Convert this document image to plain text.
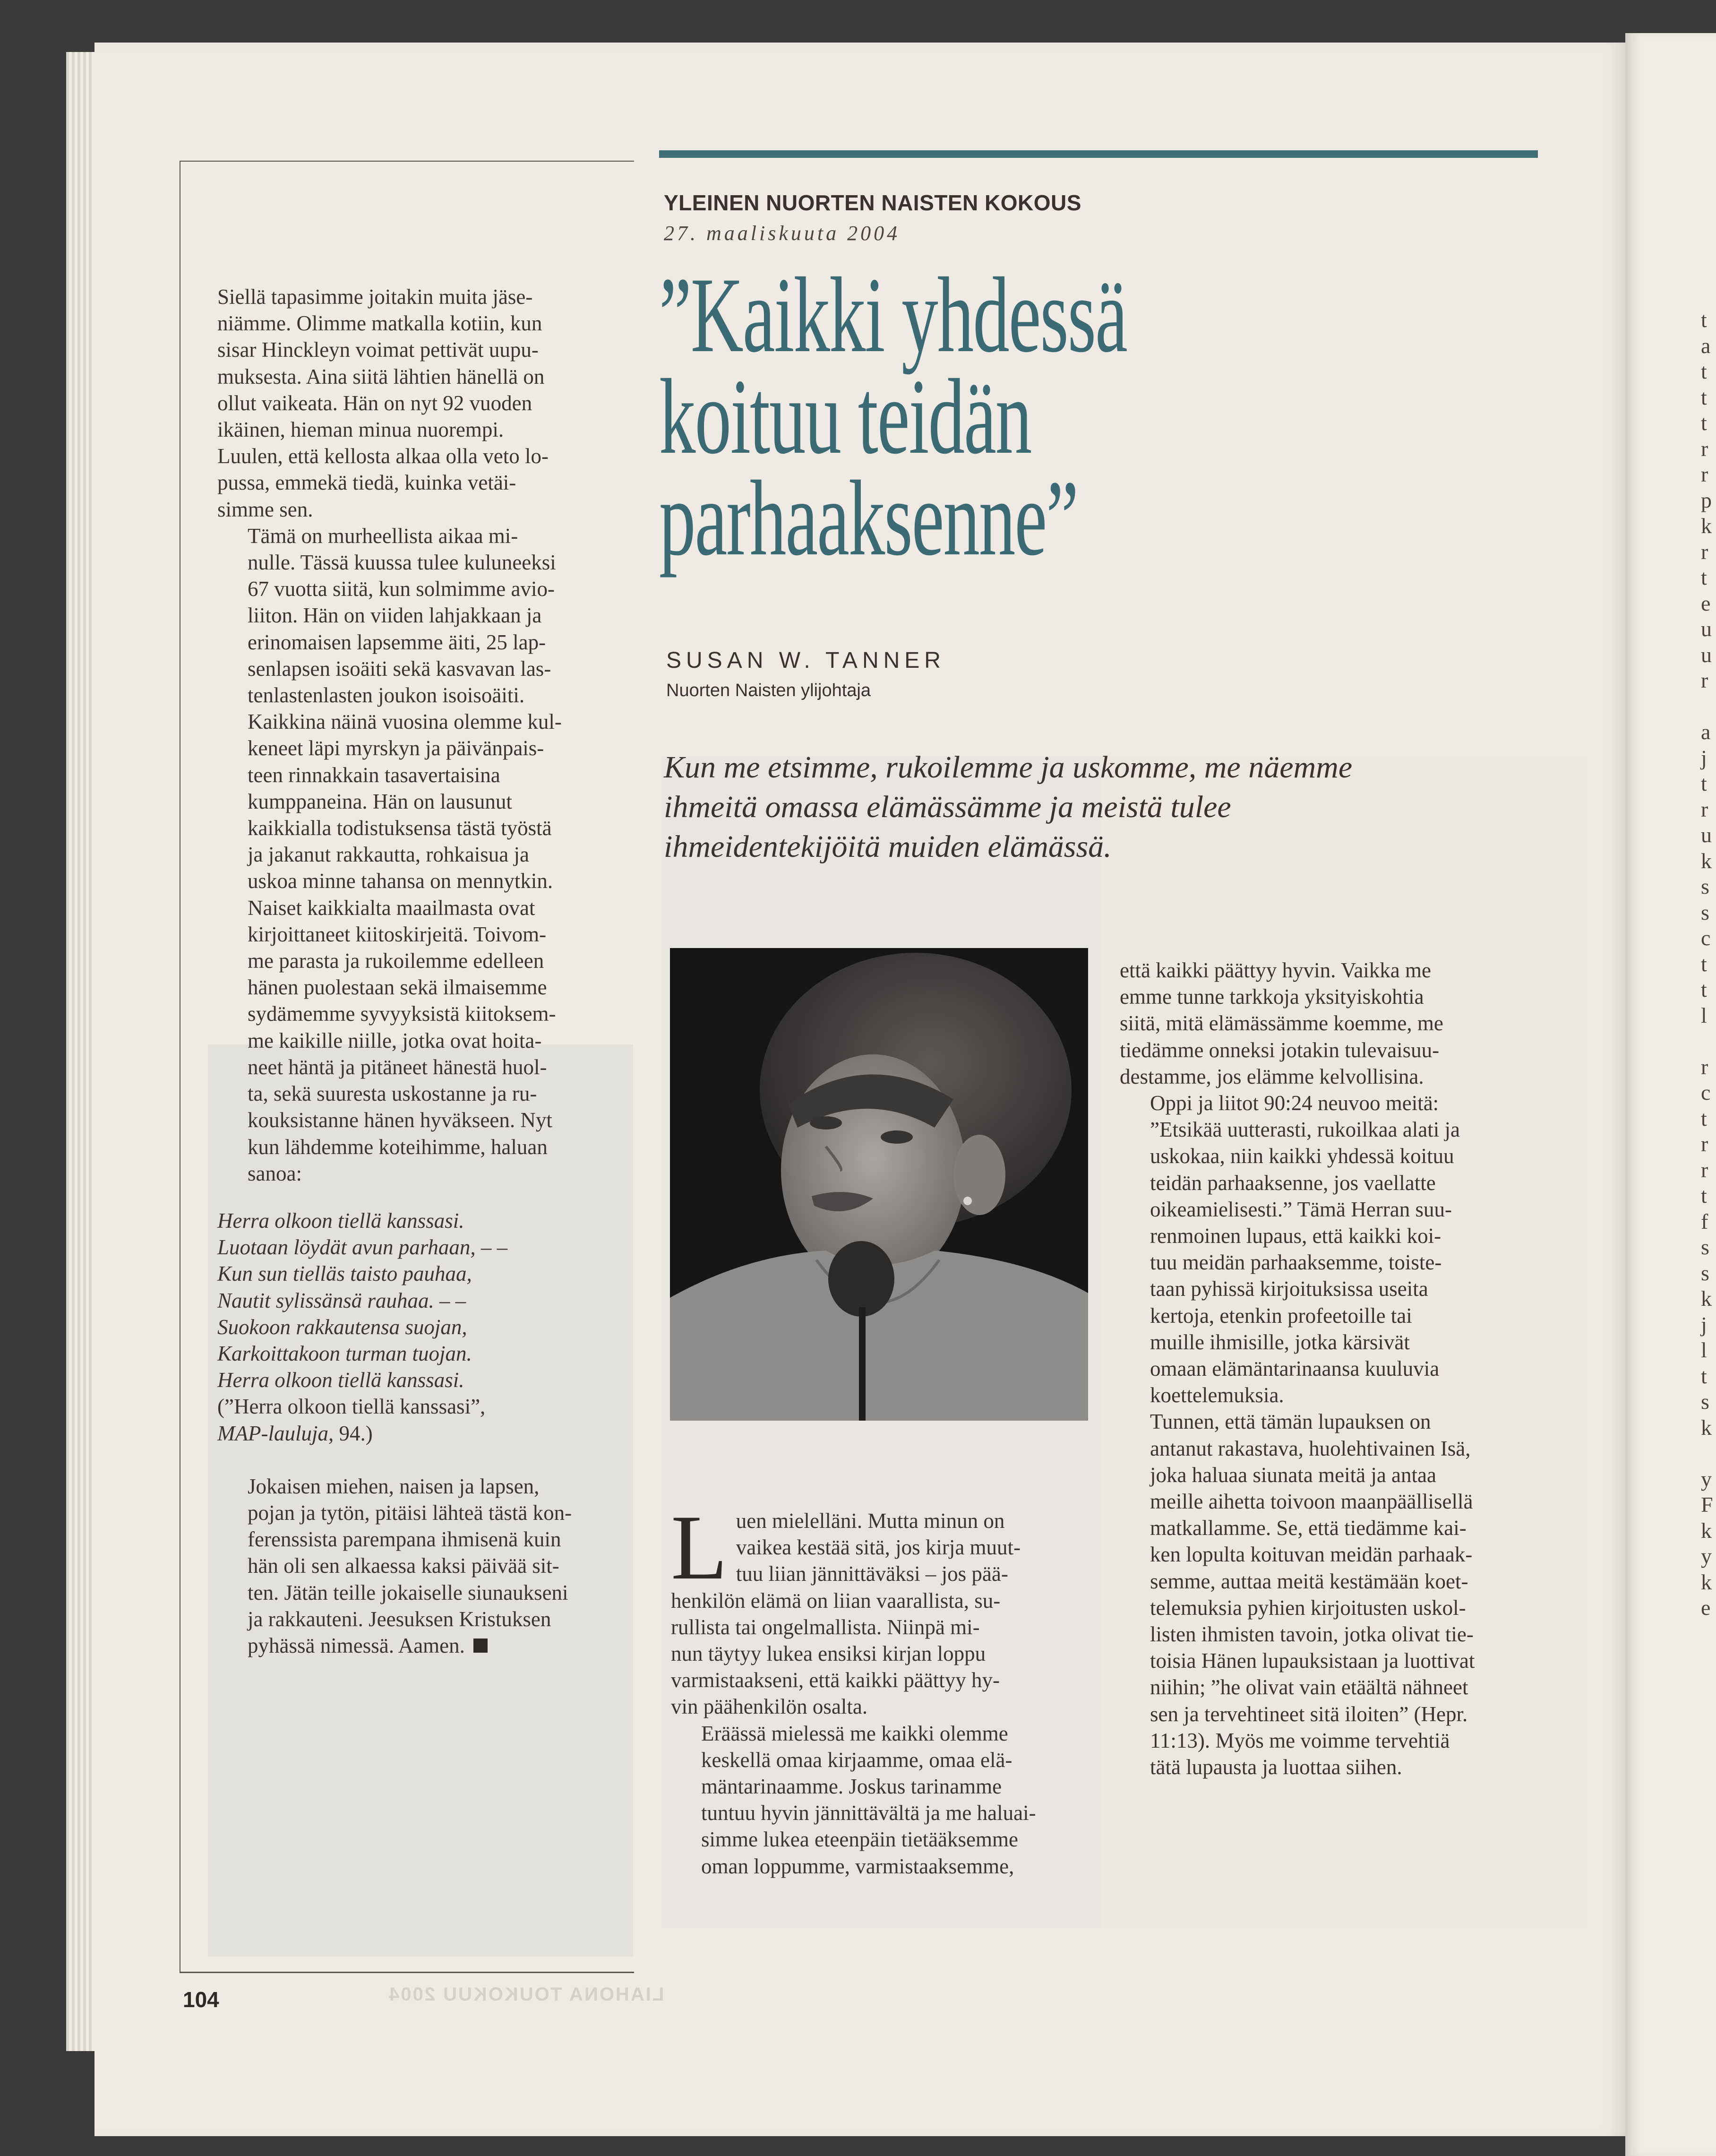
t
a
t
t
t
r
r
p
k
r
t
e
u
u
r

a
j
t
r
u
k
s
s
c
t
t
l

r
c
t
r
r
t
f
s
s
k
j
l
t
s
k

y
F
k
y
k
e
YLEINEN NUORTEN NAISTEN KOKOUS
27. maaliskuuta 2004
”Kaikki yhdessä
koituu teidän
parhaaksenne”
SUSAN W. TANNER
Nuorten Naisten ylijohtaja
Kun me etsimme, rukoilemme ja uskomme, me näemme
ihmeitä omassa elämässämme ja meistä tulee
ihmeidentekijöitä muiden elämässä.

Siellä tapasimme joitakin muita jäse-
niämme. Olimme matkalla kotiin, kun
sisar Hinckleyn voimat pettivät uupu-
muksesta. Aina siitä lähtien hänellä on
ollut vaikeata. Hän on nyt 92 vuoden
ikäinen, hieman minua nuorempi.
Luulen, että kellosta alkaa olla veto lo-
pussa, emmekä tiedä, kuinka vetäi-
simme sen.

Tämä on murheellista aikaa mi-
nulle. Tässä kuussa tulee kuluneeksi
67 vuotta siitä, kun solmimme avio-
liiton. Hän on viiden lahjakkaan ja
erinomaisen lapsemme äiti, 25 lap-
senlapsen isoäiti sekä kasvavan las-
tenlastenlasten joukon isoisoäiti.
Kaikkina näinä vuosina olemme kul-
keneet läpi myrskyn ja päivänpais-
teen rinnakkain tasavertaisina
kumppaneina. Hän on lausunut
kaikkialla todistuksensa tästä työstä
ja jakanut rakkautta, rohkaisua ja
uskoa minne tahansa on mennytkin.
Naiset kaikkialta maailmasta ovat
kirjoittaneet kiitoskirjeitä. Toivom-
me parasta ja rukoilemme edelleen
hänen puolestaan sekä ilmaisemme
sydämemme syvyyksistä kiitoksem-
me kaikille niille, jotka ovat hoita-
neet häntä ja pitäneet hänestä huol-
ta, sekä suuresta uskostanne ja ru-
kouksistanne hänen hyväkseen. Nyt
kun lähdemme koteihimme, haluan
sanoa:

Herra olkoon tiellä kanssasi.
Luotaan löydät avun parhaan, – –
Kun sun tielläs taisto pauhaa,
Nautit sylissänsä rauhaa. – –
Suokoon rakkautensa suojan,
Karkoittakoon turman tuojan.
Herra olkoon tiellä kanssasi.

(”Herra olkoon tiellä kanssasi”,
MAP-lauluja, 94.)

Jokaisen miehen, naisen ja lapsen,
pojan ja tytön, pitäisi lähteä tästä kon-
ferenssista parempana ihmisenä kuin
hän oli sen alkaessa kaksi päivää sit-
ten. Jätän teille jokaiselle siunaukseni
ja rakkauteni. Jeesuksen Kristuksen
pyhässä nimessä. Aamen.

L uen mielelläni. Mutta minun on
vaikea kestää sitä, jos kirja muut-
tuu liian jännittäväksi – jos pää-
henkilön elämä on liian vaarallista, su-
rullista tai ongelmallista. Niinpä mi-
nun täytyy lukea ensiksi kirjan loppu
varmistaakseni, että kaikki päättyy hy-
vin päähenkilön osalta.

Eräässä mielessä me kaikki olemme
keskellä omaa kirjaamme, omaa elä-
mäntarinaamme. Joskus tarinamme
tuntuu hyvin jännittävältä ja me haluai-
simme lukea eteenpäin tietääksemme
oman loppumme, varmistaaksemme,

että kaikki päättyy hyvin. Vaikka me
emme tunne tarkkoja yksityiskohtia
siitä, mitä elämässämme koemme, me
tiedämme onneksi jotakin tulevaisuu-
destamme, jos elämme kelvollisina.

Oppi ja liitot 90:24 neuvoo meitä:
”Etsikää uutterasti, rukoilkaa alati ja
uskokaa, niin kaikki yhdessä koituu
teidän parhaaksenne, jos vaellatte
oikeamielisesti.” Tämä Herran suu-
renmoinen lupaus, että kaikki koi-
tuu meidän parhaaksemme, toiste-
taan pyhissä kirjoituksissa useita
kertoja, etenkin profeetoille tai
muille ihmisille, jotka kärsivät
omaan elämäntarinaansa kuuluvia
koettelemuksia.

Tunnen, että tämän lupauksen on
antanut rakastava, huolehtivainen Isä,
joka haluaa siunata meitä ja antaa
meille aihetta toivoon maanpäällisellä
matkallamme. Se, että tiedämme kai-
ken lopulta koituvan meidän parhaak-
semme, auttaa meitä kestämään koet-
telemuksia pyhien kirjoitusten uskol-
listen ihmisten tavoin, jotka olivat tie-
toisia Hänen lupauksistaan ja luottivat
niihin; ”he olivat vain etäältä nähneet
sen ja tervehtineet sitä iloiten” (Hepr.
11:13). Myös me voimme tervehtiä
tätä lupausta ja luottaa siihen.

104	LIAHONA TOUKOKUU 2004
